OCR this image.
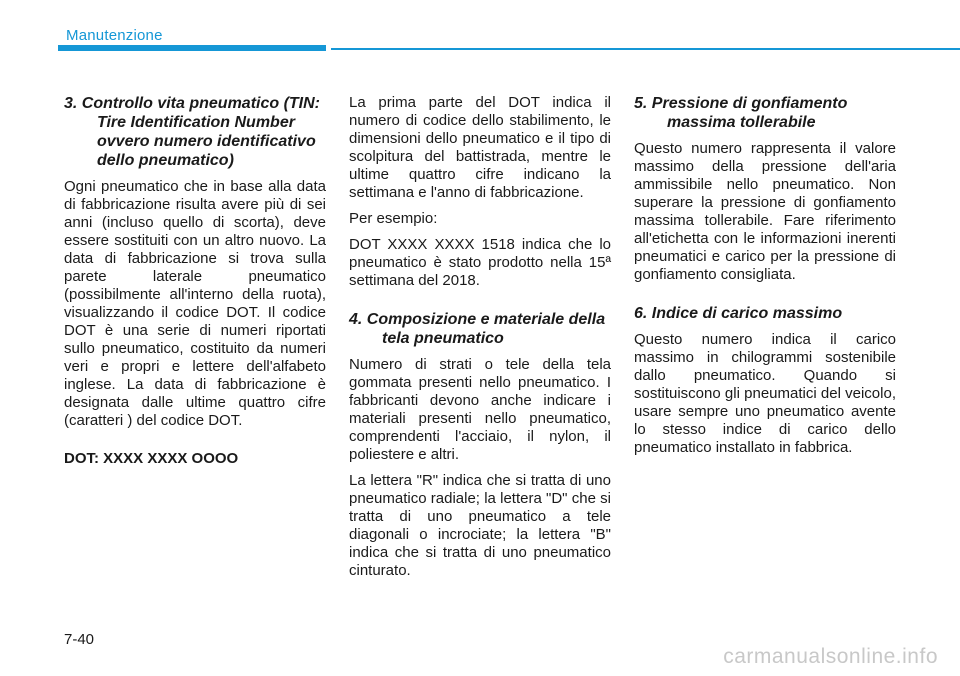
Manutenzione
3. Controllo vita pneumatico (TIN: Tire Identification Number ovvero numero identificativo dello pneumatico)

Ogni pneumatico che in base alla data di fabbricazione risulta avere più di sei anni (incluso quello di scorta), deve essere sostituiti con un altro nuovo. La data di fabbricazione si trova sulla parete laterale pneumatico (possibilmente all'interno della ruota), visualizzando il codice DOT. Il codice DOT è una serie di numeri riportati sullo pneumatico, costituito da numeri veri e propri e lettere dell'alfabeto inglese. La data di fabbricazione è designata dalle ultime quattro cifre (caratteri ) del codice DOT.

DOT: XXXX XXXX OOOO

La prima parte del DOT indica il numero di codice dello stabilimento, le dimensioni dello pneumatico e il tipo di scolpitura del battistrada, mentre le ultime quattro cifre indicano la settimana e l'anno di fabbricazione.

Per esempio:

DOT XXXX XXXX 1518 indica che lo pneumatico è stato prodotto nella 15ª settimana del 2018.

4. Composizione e materiale della tela pneumatico

Numero di strati o tele della tela gommata presenti nello pneumatico. I fabbricanti devono anche indicare i materiali presenti nello pneumatico, comprendenti l'acciaio, il nylon, il poliestere e altri.

La lettera "R" indica che si tratta di uno pneumatico radiale; la lettera "D" che si tratta di uno pneumatico a tele diagonali o incrociate; la lettera "B" indica che si tratta di uno pneumatico cinturato.

5. Pressione di gonfiamento massima tollerabile

Questo numero rappresenta il valore massimo della pressione dell'aria ammissibile nello pneumatico. Non superare la pressione di gonfiamento massima tollerabile. Fare riferimento all'etichetta con le informazioni inerenti pneumatici e carico per la pressione di gonfiamento consigliata.

6. Indice di carico massimo

Questo numero indica il carico massimo in chilogrammi sostenibile dallo pneumatico. Quando si sostituiscono gli pneumatici del veicolo, usare sempre uno pneumatico avente lo stesso indice di carico dello pneumatico installato in fabbrica.

7-40
carmanualsonline.info
